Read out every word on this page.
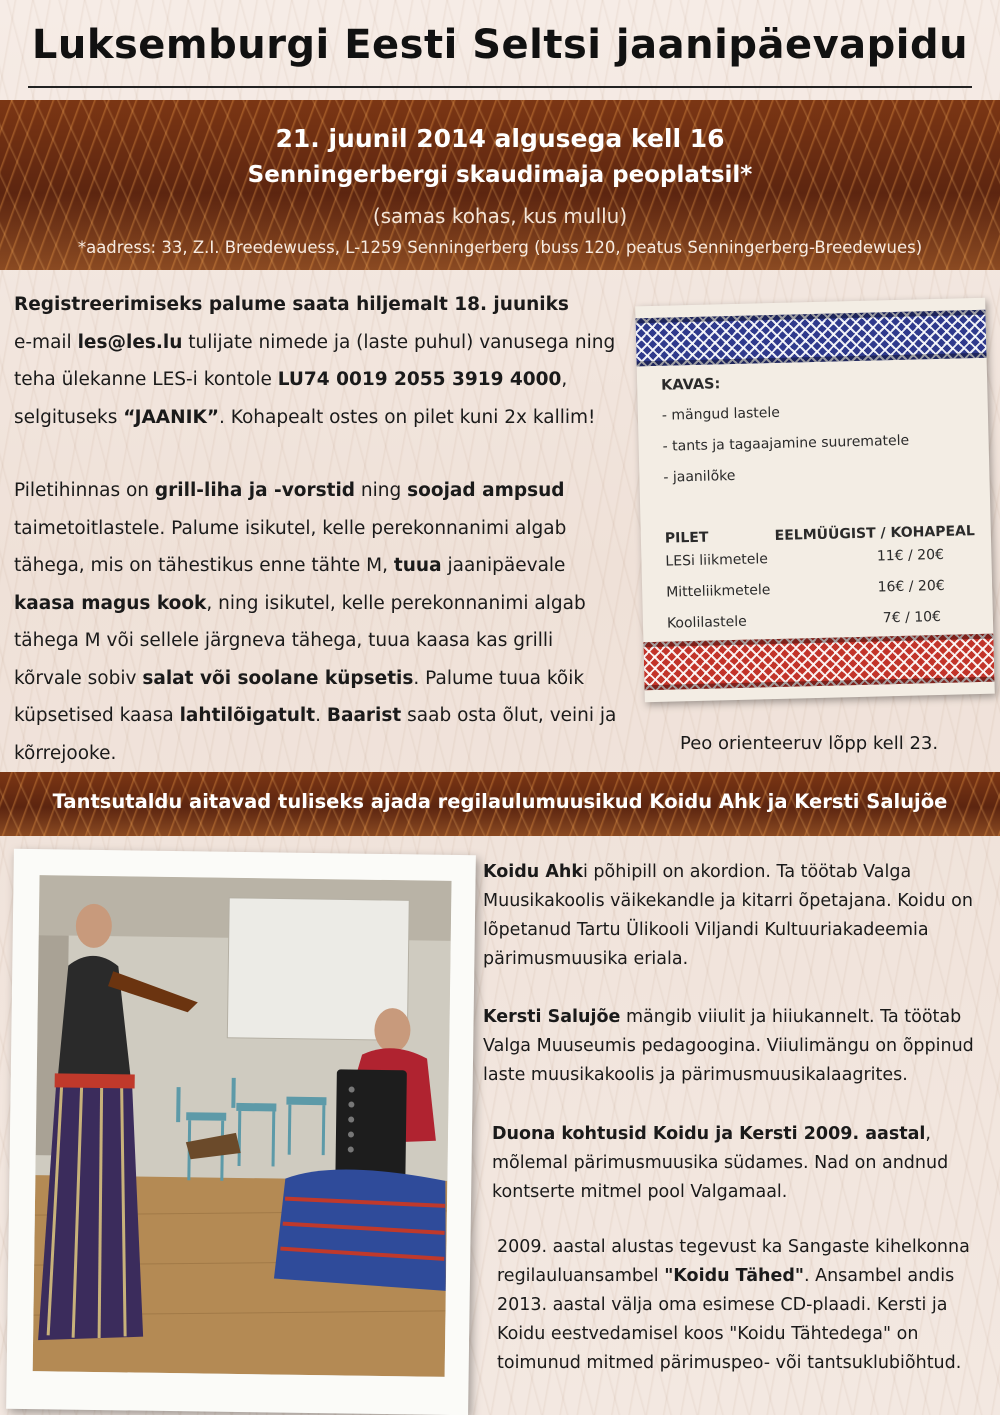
Luksemburgi Eesti Seltsi jaanipäevapidu
21. juunil 2014 algusega kell 16
Senningerbergi skaudimaja peoplatsil*
(samas kohas, kus mullu)
*aadress: 33, Z.I. Breedewuess, L-1259 Senningerberg (buss 120, peatus Senningerberg-Breedewues)

Registreerimiseks palume saata hiljemalt 18. juuniks
e-mail les@les.lu tulijate nimede ja (laste puhul) vanusega ning teha ülekanne LES-i kontole LU74 0019 2055 3919 4000, selgituseks “JAANIK”. Kohapealt ostes on pilet kuni 2x kallim!

Piletihinnas on grill-liha ja -vorstid ning soojad ampsud taimetoitlastele. Palume isikutel, kelle perekonnanimi algab tähega, mis on tähestikus enne tähte M, tuua jaanipäevale kaasa magus kook, ning isikutel, kelle perekonnanimi algab tähega M või sellele järgneva tähega, tuua kaasa kas grilli kõrvale sobiv salat või soolane küpsetis. Palume tuua kõik küpsetised kaasa lahtilõigatult. Baarist saab osta õlut, veini ja kõrrejooke.

KAVAS:
- mängud lastele
- tants ja tagaajamine suurematele
- jaanilõke
PILET	EELMÜÜGIST / KOHAPEAL
LESi liikmetele	11€ / 20€
Mitteliikmetele	16€ / 20€
Koolilastele	7€ / 10€
Peo orienteeruv lõpp kell 23.
Tantsutaldu aitavad tuliseks ajada regilaulumuusikud Koidu Ahk ja Kersti Salujõe

Koidu Ahki põhipill on akordion. Ta töötab Valga Muusikakoolis väikekandle ja kitarri õpetajana. Koidu on lõpetanud Tartu Ülikooli Viljandi Kultuuriakadeemia pärimusmuusika eriala.

Kersti Salujõe mängib viiulit ja hiiukannelt. Ta töötab Valga Muuseumis pedagoogina. Viiulimängu on õppinud laste muusikakoolis ja pärimusmuusikalaagrites.

Duona kohtusid Koidu ja Kersti 2009. aastal, mõlemal pärimusmuusika südames. Nad on andnud kontserte mitmel pool Valgamaal.

2009. aastal alustas tegevust ka Sangaste kihelkonna regilauluansambel "Koidu Tähed". Ansambel andis 2013. aastal välja oma esimese CD-plaadi. Kersti ja Koidu eestvedamisel koos "Koidu Tähtedega" on toimunud mitmed pärimuspeo- või tantsuklubiõhtud.
